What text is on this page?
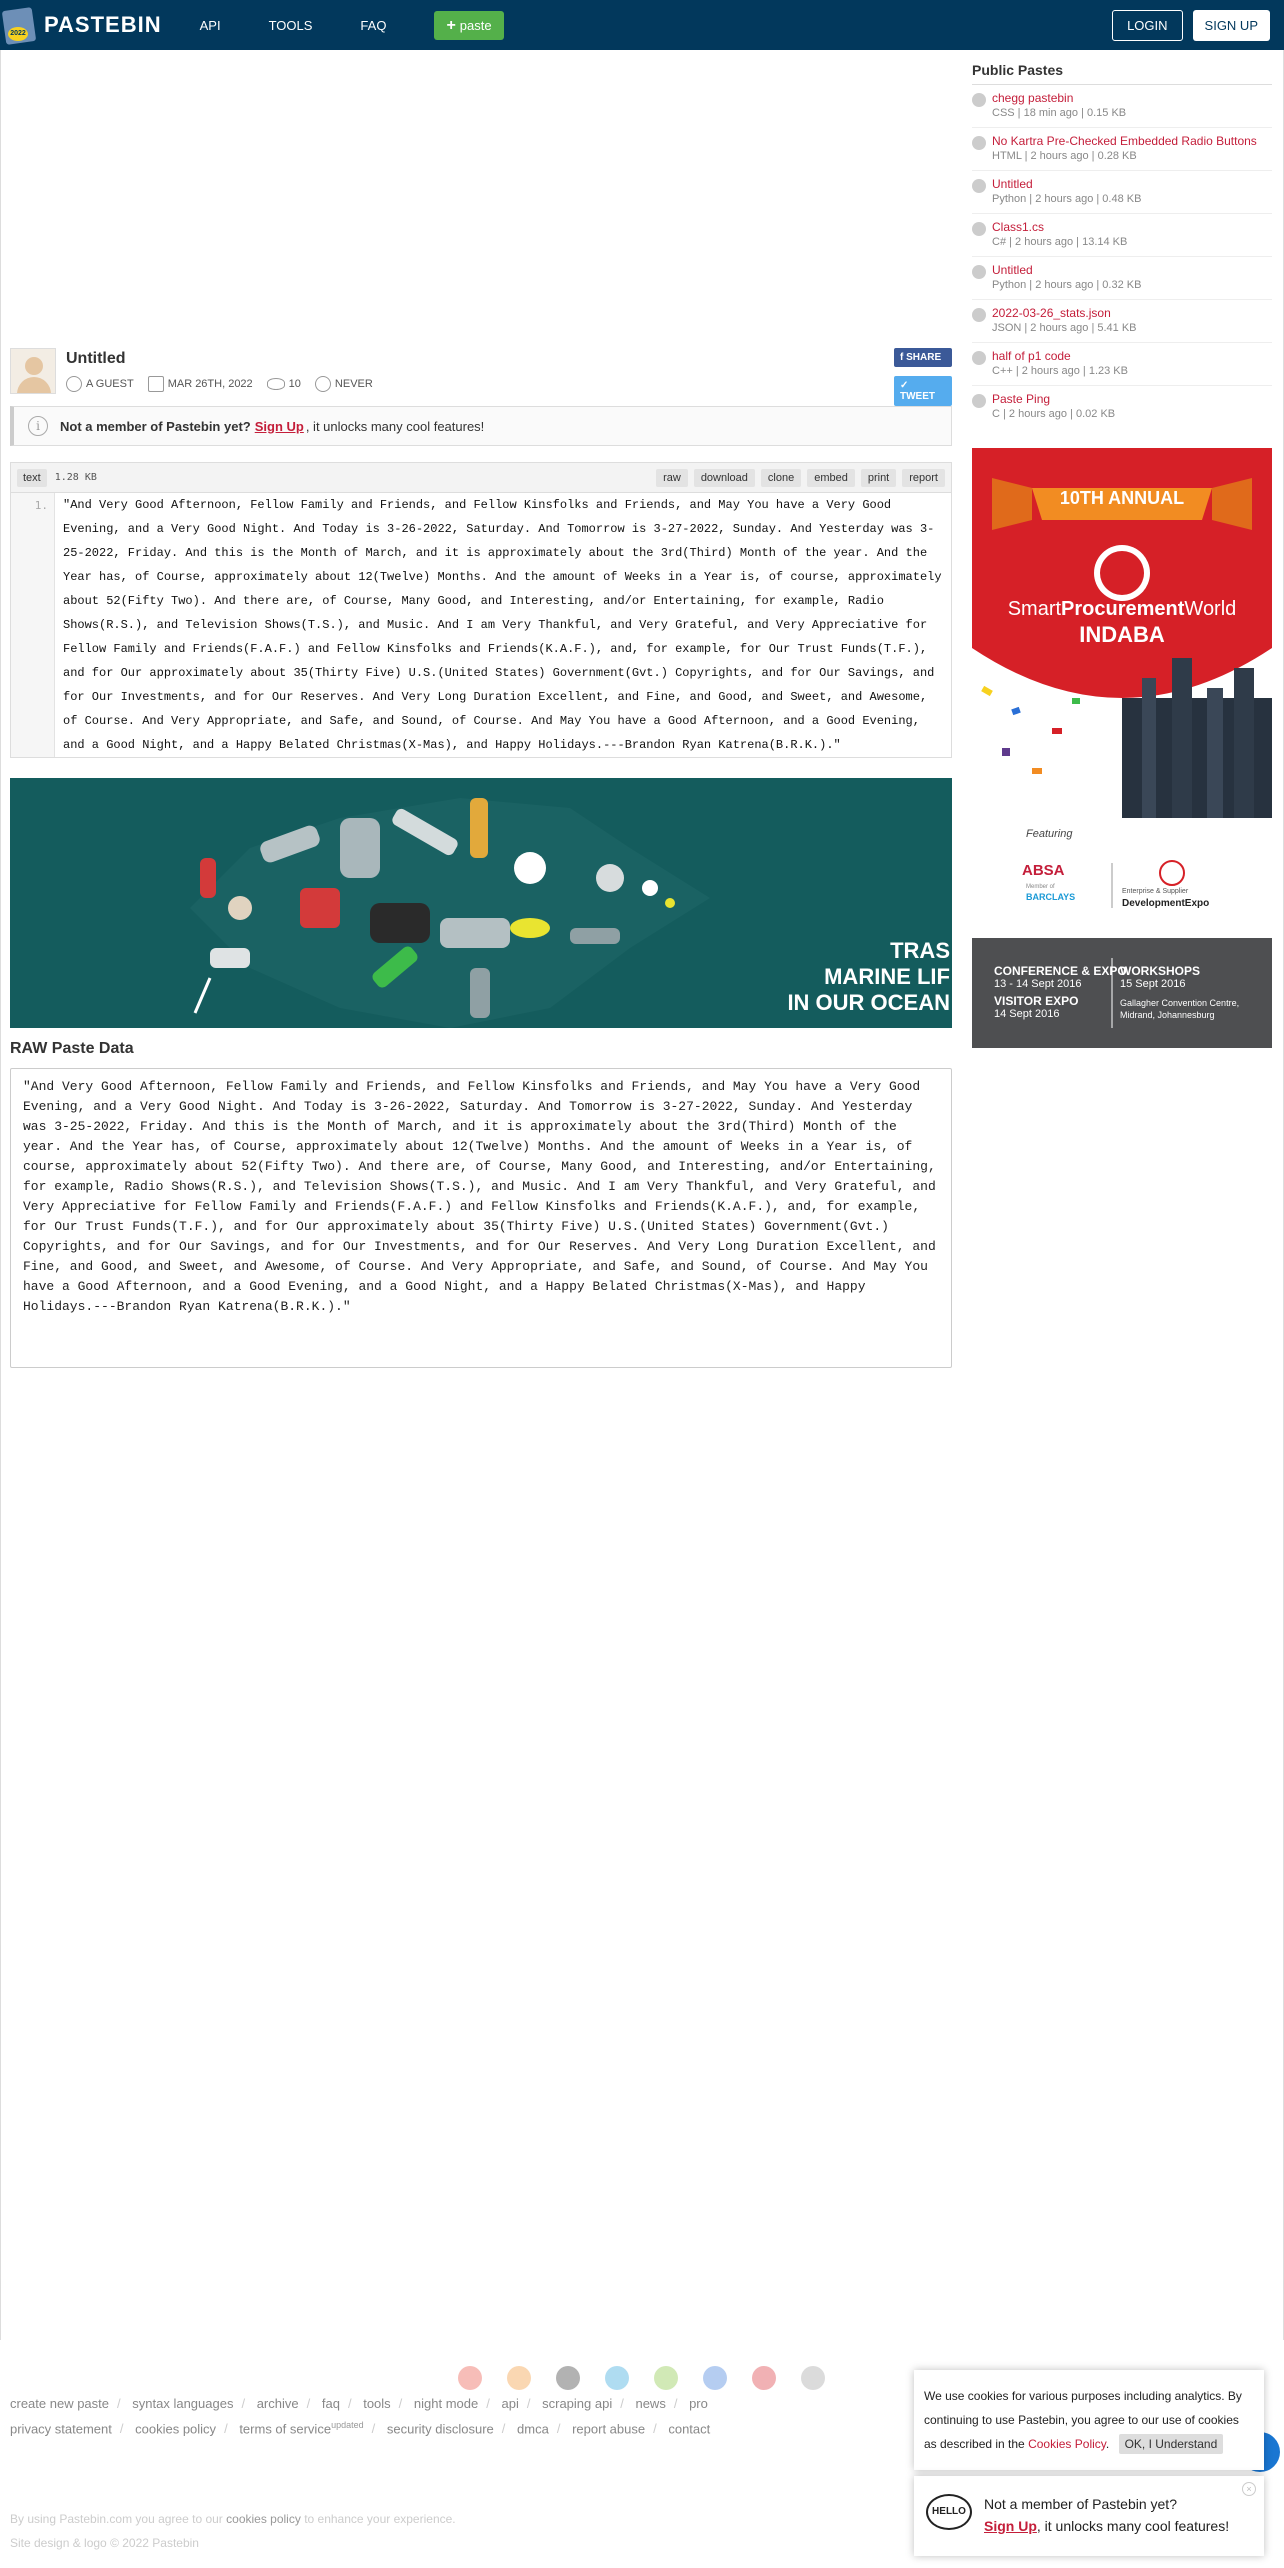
2022 PASTEBIN	API	TOOLS	FAQ	+ paste	LOGIN	SIGN UP
Untitled
A GUEST	MAR 26TH, 2022	10	NEVER
f SHARE
✓ TWEET
i	Not a member of Pastebin yet? Sign Up , it unlocks many cool features!
text	1.28 KB	raw	download	clone	embed	print	report
1.	"And Very Good Afternoon, Fellow Family and Friends, and Fellow Kinsfolks and Friends, and May You have a Very Good Evening, and a Very Good Night. And Today is 3-26-2022, Saturday. And Tomorrow is 3-27-2022, Sunday. And Yesterday was 3-25-2022, Friday. And this is the Month of March, and it is approximately about the 3rd(Third) Month of the year. And the Year has, of Course, approximately about 12(Twelve) Months. And the amount of Weeks in a Year is, of course, approximately about 52(Fifty Two). And there are, of Course, Many Good, and Interesting, and/or Entertaining, for example, Radio Shows(R.S.), and Television Shows(T.S.), and Music. And I am Very Thankful, and Very Grateful, and Very Appreciative for Fellow Family and Friends(F.A.F.) and Fellow Kinsfolks and Friends(K.A.F.), and, for example, for Our Trust Funds(T.F.), and for Our approximately about 35(Thirty Five) U.S.(United States) Government(Gvt.) Copyrights, and for Our Savings, and for Our Investments, and for Our Reserves. And Very Long Duration Excellent, and Fine, and Good, and Sweet, and Awesome, of Course. And Very Appropriate, and Safe, and Sound, of Course. And May You have a Good Afternoon, and a Good Evening, and a Good Night, and a Happy Belated Christmas(X-Mas), and Happy Holidays.---Brandon Ryan Katrena(B.R.K.)."
TRAS
MARINE LIF
IN OUR OCEAN
RAW Paste Data
"And Very Good Afternoon, Fellow Family and Friends, and Fellow Kinsfolks and Friends, and May You have a Very Good Evening, and a Very Good Night. And Today is 3-26-2022, Saturday. And Tomorrow is 3-27-2022, Sunday. And Yesterday was 3-25-2022, Friday. And this is the Month of March, and it is approximately about the 3rd(Third) Month of the year. And the Year has, of Course, approximately about 12(Twelve) Months. And the amount of Weeks in a Year is, of course, approximately about 52(Fifty Two). And there are, of Course, Many Good, and Interesting, and/or Entertaining, for example, Radio Shows(R.S.), and Television Shows(T.S.), and Music. And I am Very Thankful, and Very Grateful, and Very Appreciative for Fellow Family and Friends(F.A.F.) and Fellow Kinsfolks and Friends(K.A.F.), and, for example, for Our Trust Funds(T.F.), and for Our approximately about 35(Thirty Five) U.S.(United States) Government(Gvt.) Copyrights, and for Our Savings, and for Our Investments, and for Our Reserves. And Very Long Duration Excellent, and Fine, and Good, and Sweet, and Awesome, of Course. And Very Appropriate, and Safe, and Sound, of Course. And May You have a Good Afternoon, and a Good Evening, and a Good Night, and a Happy Belated Christmas(X-Mas), and Happy Holidays.---Brandon Ryan Katrena(B.R.K.)."
Public Pastes
chegg pastebin
CSS | 18 min ago | 0.15 KB
No Kartra Pre-Checked Embedded Radio Buttons
HTML | 2 hours ago | 0.28 KB
Untitled
Python | 2 hours ago | 0.48 KB
Class1.cs
C# | 2 hours ago | 13.14 KB
Untitled
Python | 2 hours ago | 0.32 KB
2022-03-26_stats.json
JSON | 2 hours ago | 5.41 KB
half of p1 code
C++ | 2 hours ago | 1.23 KB
Paste Ping
C | 2 hours ago | 0.02 KB
10TH ANNUAL
SmartProcurementWorld
INDABA
Featuring
ABSA
Member of
BARCLAYS
Enterprise & Supplier
DevelopmentExpo
CONFERENCE & EXPO
13 - 14 Sept 2016
VISITOR EXPO
14 Sept 2016
WORKSHOPS
15 Sept 2016
Gallagher Convention Centre,
Midrand, Johannesburg
create new paste / syntax languages / archive / faq / tools / night mode / api / scraping api / news / pro
privacy statement / cookies policy / terms of service$^{updated}$ / security disclosure / dmca / report abuse / contact
By using Pastebin.com you agree to our cookies policy to enhance your experience.
Site design & logo © 2022 Pastebin
We use cookies for various purposes including analytics. By continuing to use Pastebin, you agree to our use of cookies as described in the Cookies Policy. OK, I Understand
HELLO	Not a member of Pastebin yet?
Sign Up, it unlocks many cool features!
×
